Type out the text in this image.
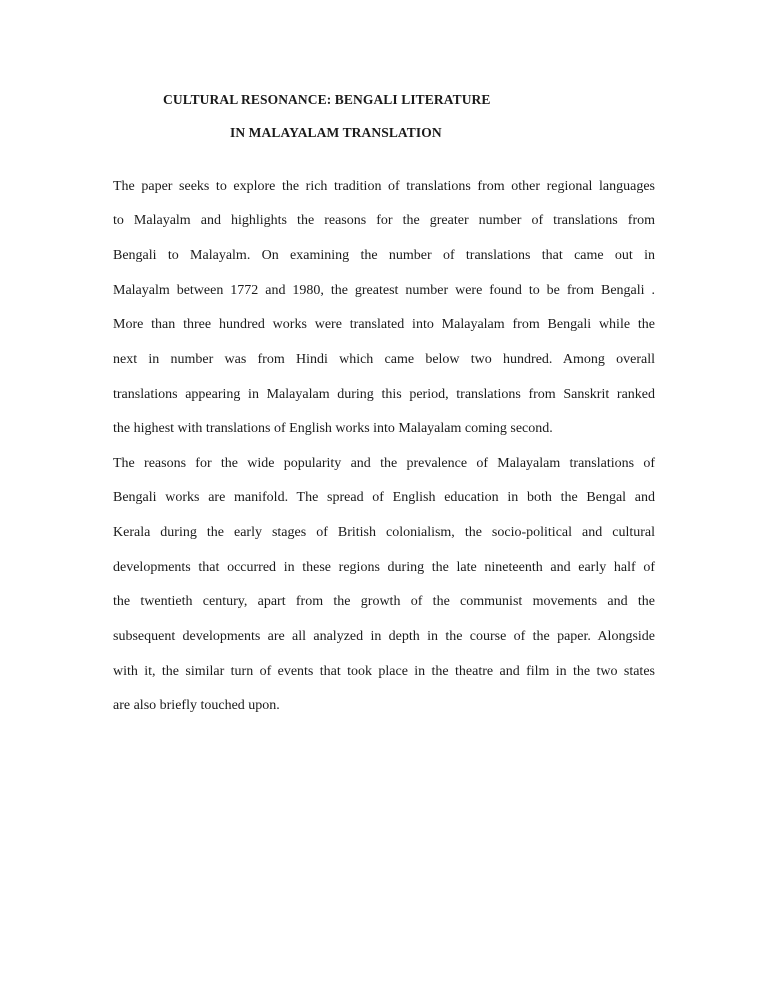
CULTURAL RESONANCE: BENGALI LITERATURE
IN MALAYALAM TRANSLATION
The paper seeks to explore the rich tradition of translations from other regional languages
to Malayalm and highlights the reasons for the greater number of translations from
Bengali to Malayalm. On examining the number of translations that came out in
Malayalm between 1772 and 1980, the greatest number were found to be from Bengali .
More than three hundred works were translated into Malayalam from Bengali while the
next in number was from Hindi which came below two hundred. Among overall
translations appearing in Malayalam during this period, translations from Sanskrit ranked
the highest with translations of English works into Malayalam coming second.
The reasons for the wide popularity and the prevalence of Malayalam translations of
Bengali works are manifold. The spread of English education in both the Bengal and
Kerala during the early stages of British colonialism, the socio-political and cultural
developments that occurred in these regions during the late nineteenth and early half of
the twentieth century, apart from the growth of the communist movements and the
subsequent developments are all analyzed in depth in the course of the paper. Alongside
with it, the similar turn of events that took place in the theatre and film in the two states
are also briefly touched upon.
